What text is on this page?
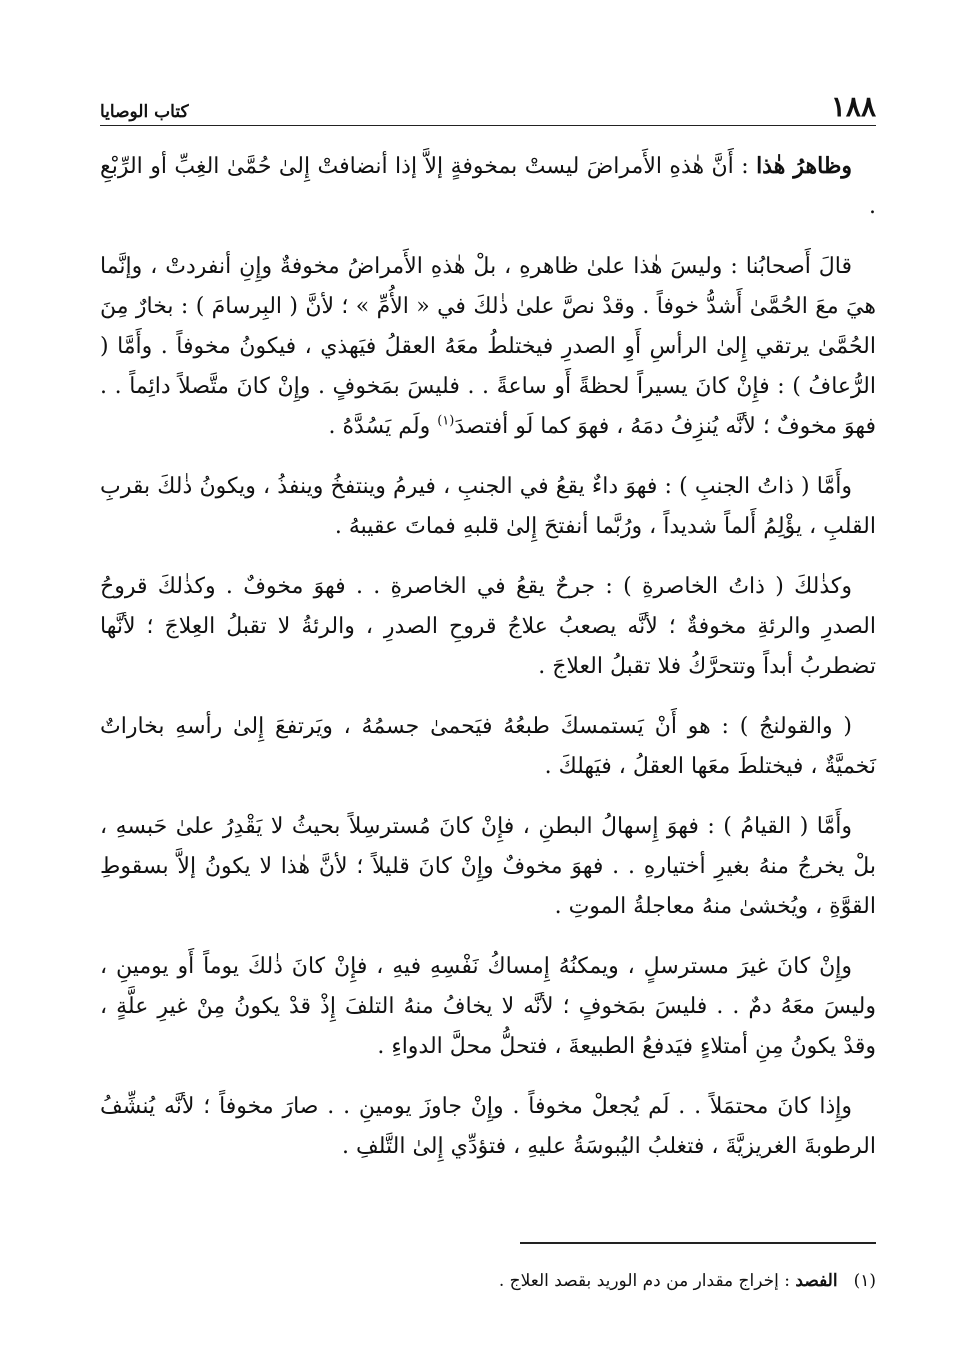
١٨٨
كتاب الوصايا

وظاهرُ هٰذا : أَنَّ هٰذهِ الأَمراضَ ليستْ بمخوفةٍ إلاَّ إذا أنضافتْ إِلىٰ حُمَّىٰ الغِبِّ أو الرِّبْعِ .

قالَ أَصحابُنا : وليسَ هٰذا علىٰ ظاهرهِ ، بلْ هٰذهِ الأَمراضُ مخوفةٌ وإِنِ أنفردتْ ، وإنَّما هيَ معَ الحُمَّىٰ أَشدُّ خوفاً . وقدْ نصَّ علىٰ ذٰلكَ في « الأُمِّ » ؛ لأنَّ ( البِرسامَ ) : بخارٌ مِنَ الحُمَّىٰ يرتقي إِلىٰ الرأسِ أَوِ الصدرِ فيختلطُ معَهُ العقلُ فيَهذي ، فيكونُ مخوفاً . وأَمَّا ( الرُّعافُ ) : فإِنْ كانَ يسيراً لحظةً أَو ساعةً . . فليسَ بمَخوفٍ . وإِنْ كانَ متَّصلاً دائِماً . . فهوَ مخوفٌ ؛ لأنَّه يُنزِفُ دمَهُ ، فهوَ كما لَو أفتصدَ$^{(١)}$ ولَم يَسُدَّهُ .

وأَمَّا ( ذاتُ الجنبِ ) : فهوَ داءٌ يقعُ في الجنبِ ، فيرمُ وينتفخُ وينفذُ ، ويكونُ ذٰلكَ بقربِ القلبِ ، يؤْلِمُ أَلماً شديداً ، ورُبَّما أنفتحَ إِلىٰ قلبهِ فماتَ عقيبهُ .

وكذٰلكَ ( ذاتُ الخاصرةِ ) : جرحٌ يقعُ في الخاصرةِ . . فهوَ مخوفٌ . وكذٰلكَ قروحُ الصدرِ والرئةِ مخوفةٌ ؛ لأنَّه يصعبُ علاجُ قروحِ الصدرِ ، والرئةُ لا تقبلُ العِلاجَ ؛ لأنَّها تضطربُ أبداً وتتحرَّكُ فلا تقبلُ العلاجَ .

( والقولنجُ ) : هو أَنْ يَستمسكَ طبعُهُ فيَحمىٰ جسمُهُ ، ويَرتفعَ إِلىٰ رأسهِ بخاراتٌ نَخميَّةٌ ، فيختلطَ معَها العقلُ ، فيَهلكَ .

وأَمَّا ( القيامُ ) : فهوَ إِسهالُ البطنِ ، فإِنْ كانَ مُسترسِلاً بحيثُ لا يَقْدِرُ علىٰ حَبسهِ ، بلْ يخرجُ منهُ بغيرِ أختيارهِ . . فهوَ مخوفٌ وإِنْ كانَ قليلاً ؛ لأنَّ هٰذا لا يكونُ إلاَّ بسقوطِ القوَّةِ ، ويُخشىٰ منهُ معاجلةُ الموتِ .

وإِنْ كانَ غيرَ مسترسلٍ ، ويمكنُهُ إِمساكُ نَفْسِهِ فيهِ ، فإِنْ كانَ ذٰلكَ يوماً أَو يومينِ ، وليسَ معَهُ دمٌ . . فليسَ بمَخوفٍ ؛ لأنَّه لا يخافُ منهُ التلفَ إِذْ قدْ يكونُ مِنْ غيرِ علَّةٍ ، وقدْ يكونُ مِنِ أمتلاءٍ فيَدفعُ الطبيعةَ ، فتحلُّ محلَّ الدواءِ .

وإِذا كانَ محتمَلاً . . لَم يُجعلْ مخوفاً . وإِنْ جاوزَ يومينِ . . صارَ مخوفاً ؛ لأنَّه يُنشِّفُ الرطوبةَ الغريزيَّةَ ، فتغلبُ اليُبوسَةُ عليهِ ، فتؤدِّي إِلىٰ التَّلفِ .

(١)الفصد : إخراج مقدار من دم الوريد بقصد العلاج .
